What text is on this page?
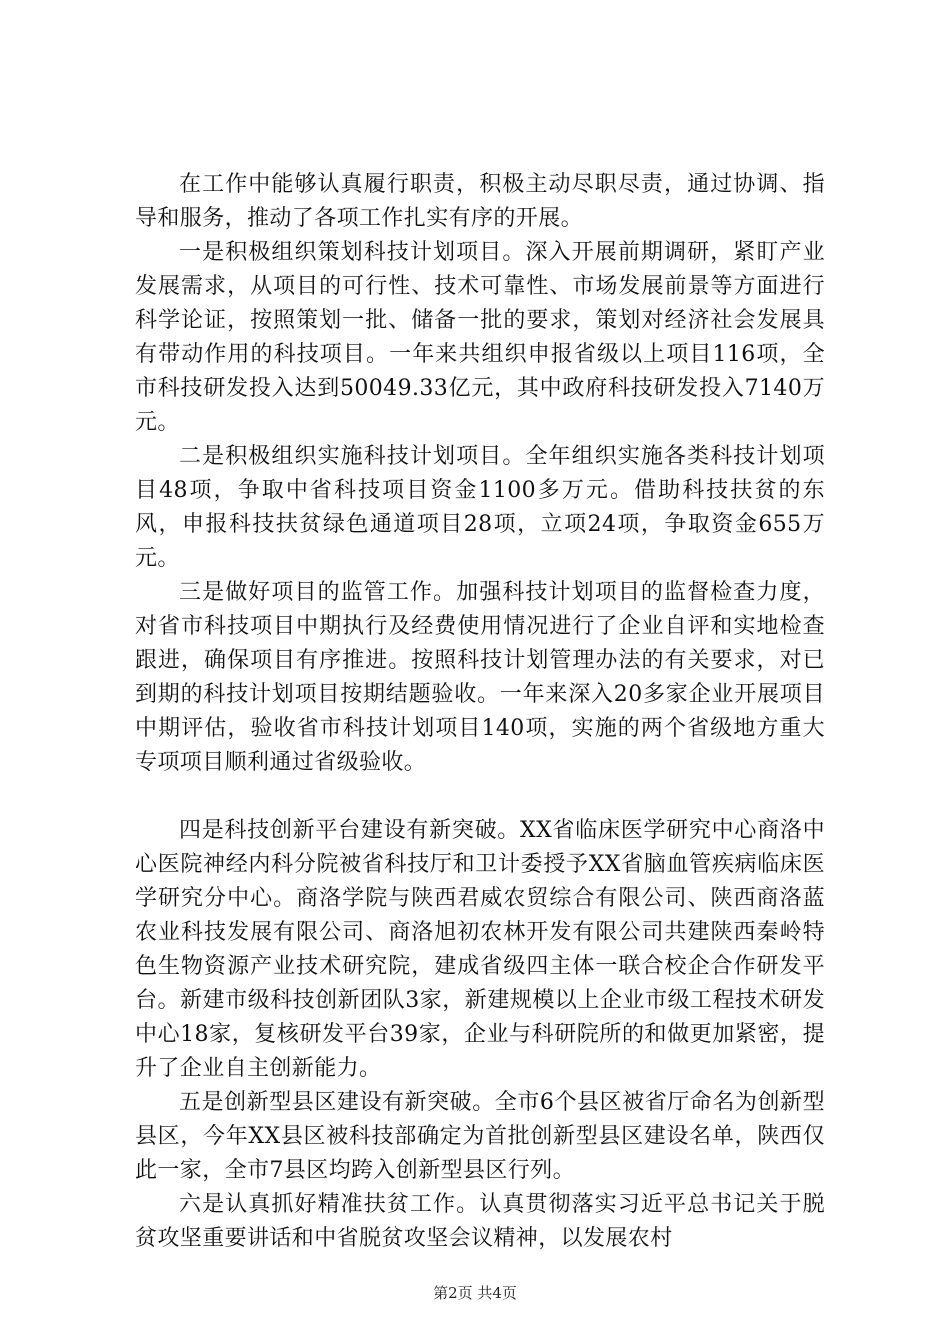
在工作中能够认真履行职责，积极主动尽职尽责，通过协调、指导和服务，推动了各项工作扎实有序的开展。

一是积极组织策划科技计划项目。深入开展前期调研，紧盯产业发展需求，从项目的可行性、技术可靠性、市场发展前景等方面进行科学论证，按照策划一批、储备一批的要求，策划对经济社会发展具有带动作用的科技项目。一年来共组织申报省级以上项目116项，全市科技研发投入达到50049.33亿元，其中政府科技研发投入7140万元。

二是积极组织实施科技计划项目。全年组织实施各类科技计划项目48项，争取中省科技项目资金1100多万元。借助科技扶贫的东风，申报科技扶贫绿色通道项目28项，立项24项，争取资金655万元。

三是做好项目的监管工作。加强科技计划项目的监督检查力度，对省市科技项目中期执行及经费使用情况进行了企业自评和实地检查跟进，确保项目有序推进。按照科技计划管理办法的有关要求，对已到期的科技计划项目按期结题验收。一年来深入20多家企业开展项目中期评估，验收省市科技计划项目140项，实施的两个省级地方重大专项项目顺利通过省级验收。

四是科技创新平台建设有新突破。XX省临床医学研究中心商洛中心医院神经内科分院被省科技厅和卫计委授予XX省脑血管疾病临床医学研究分中心。商洛学院与陕西君威农贸综合有限公司、陕西商洛蓝农业科技发展有限公司、商洛旭初农林开发有限公司共建陕西秦岭特色生物资源产业技术研究院，建成省级四主体一联合校企合作研发平台。新建市级科技创新团队3家，新建规模以上企业市级工程技术研发中心18家，复核研发平台39家，企业与科研院所的和做更加紧密，提升了企业自主创新能力。

五是创新型县区建设有新突破。全市6个县区被省厅命名为创新型县区，今年XX县区被科技部确定为首批创新型县区建设名单，陕西仅此一家，全市7县区均跨入创新型县区行列。

六是认真抓好精准扶贫工作。认真贯彻落实习近平总书记关于脱贫攻坚重要讲话和中省脱贫攻坚会议精神，以发展农村

第2页 共4页
